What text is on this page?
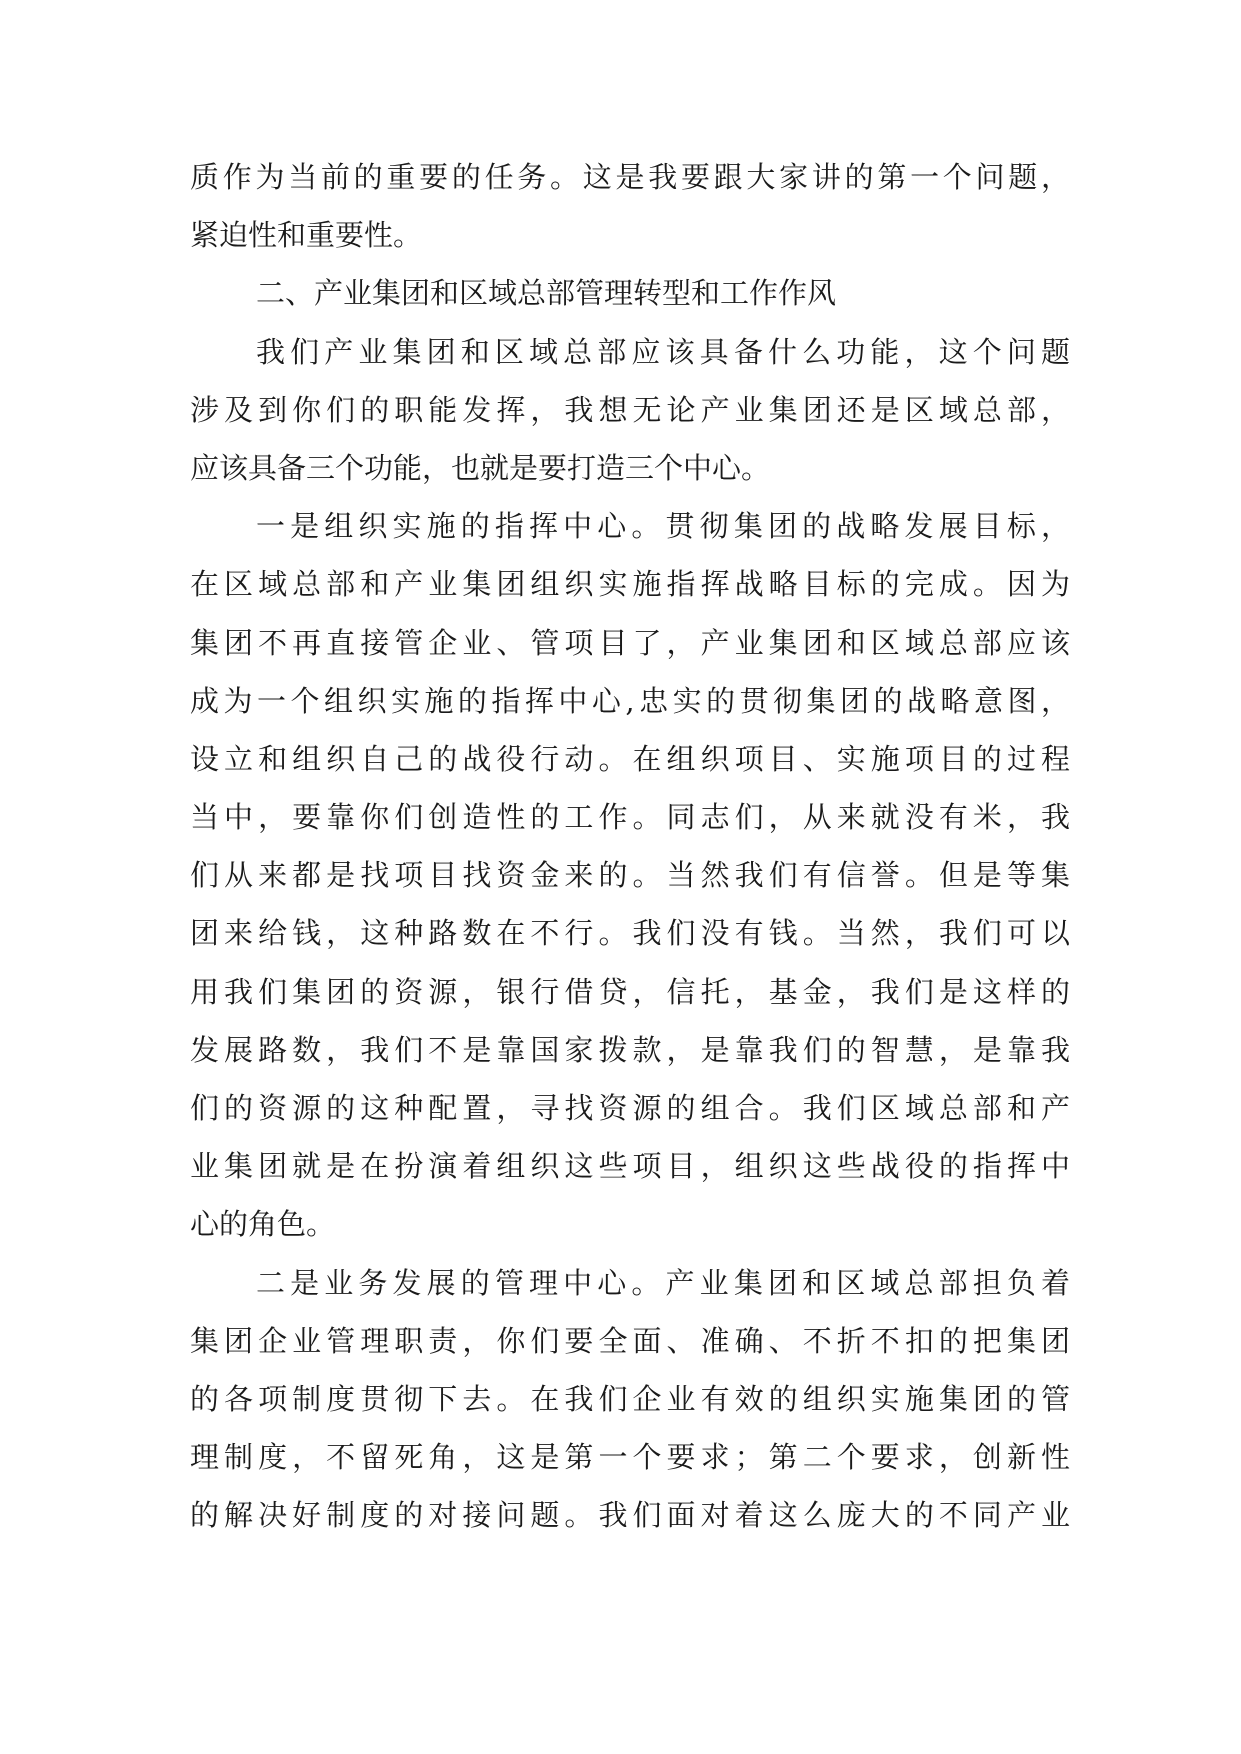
质作为当前的重要的任务。这是我要跟大家讲的第一个问题，
紧迫性和重要性。
二、产业集团和区域总部管理转型和工作作风
我们产业集团和区域总部应该具备什么功能，这个问题
涉及到你们的职能发挥，我想无论产业集团还是区域总部，
应该具备三个功能，也就是要打造三个中心。
一是组织实施的指挥中心。贯彻集团的战略发展目标，
在区域总部和产业集团组织实施指挥战略目标的完成。因为
集团不再直接管企业、管项目了，产业集团和区域总部应该
成为一个组织实施的指挥中心,忠实的贯彻集团的战略意图，
设立和组织自己的战役行动。在组织项目、实施项目的过程
当中，要靠你们创造性的工作。同志们，从来就没有米，我
们从来都是找项目找资金来的。当然我们有信誉。但是等集
团来给钱，这种路数在不行。我们没有钱。当然，我们可以
用我们集团的资源，银行借贷，信托，基金，我们是这样的
发展路数，我们不是靠国家拨款，是靠我们的智慧，是靠我
们的资源的这种配置，寻找资源的组合。我们区域总部和产
业集团就是在扮演着组织这些项目，组织这些战役的指挥中
心的角色。
二是业务发展的管理中心。产业集团和区域总部担负着
集团企业管理职责，你们要全面、准确、不折不扣的把集团
的各项制度贯彻下去。在我们企业有效的组织实施集团的管
理制度，不留死角，这是第一个要求；第二个要求，创新性
的解决好制度的对接问题。我们面对着这么庞大的不同产业
